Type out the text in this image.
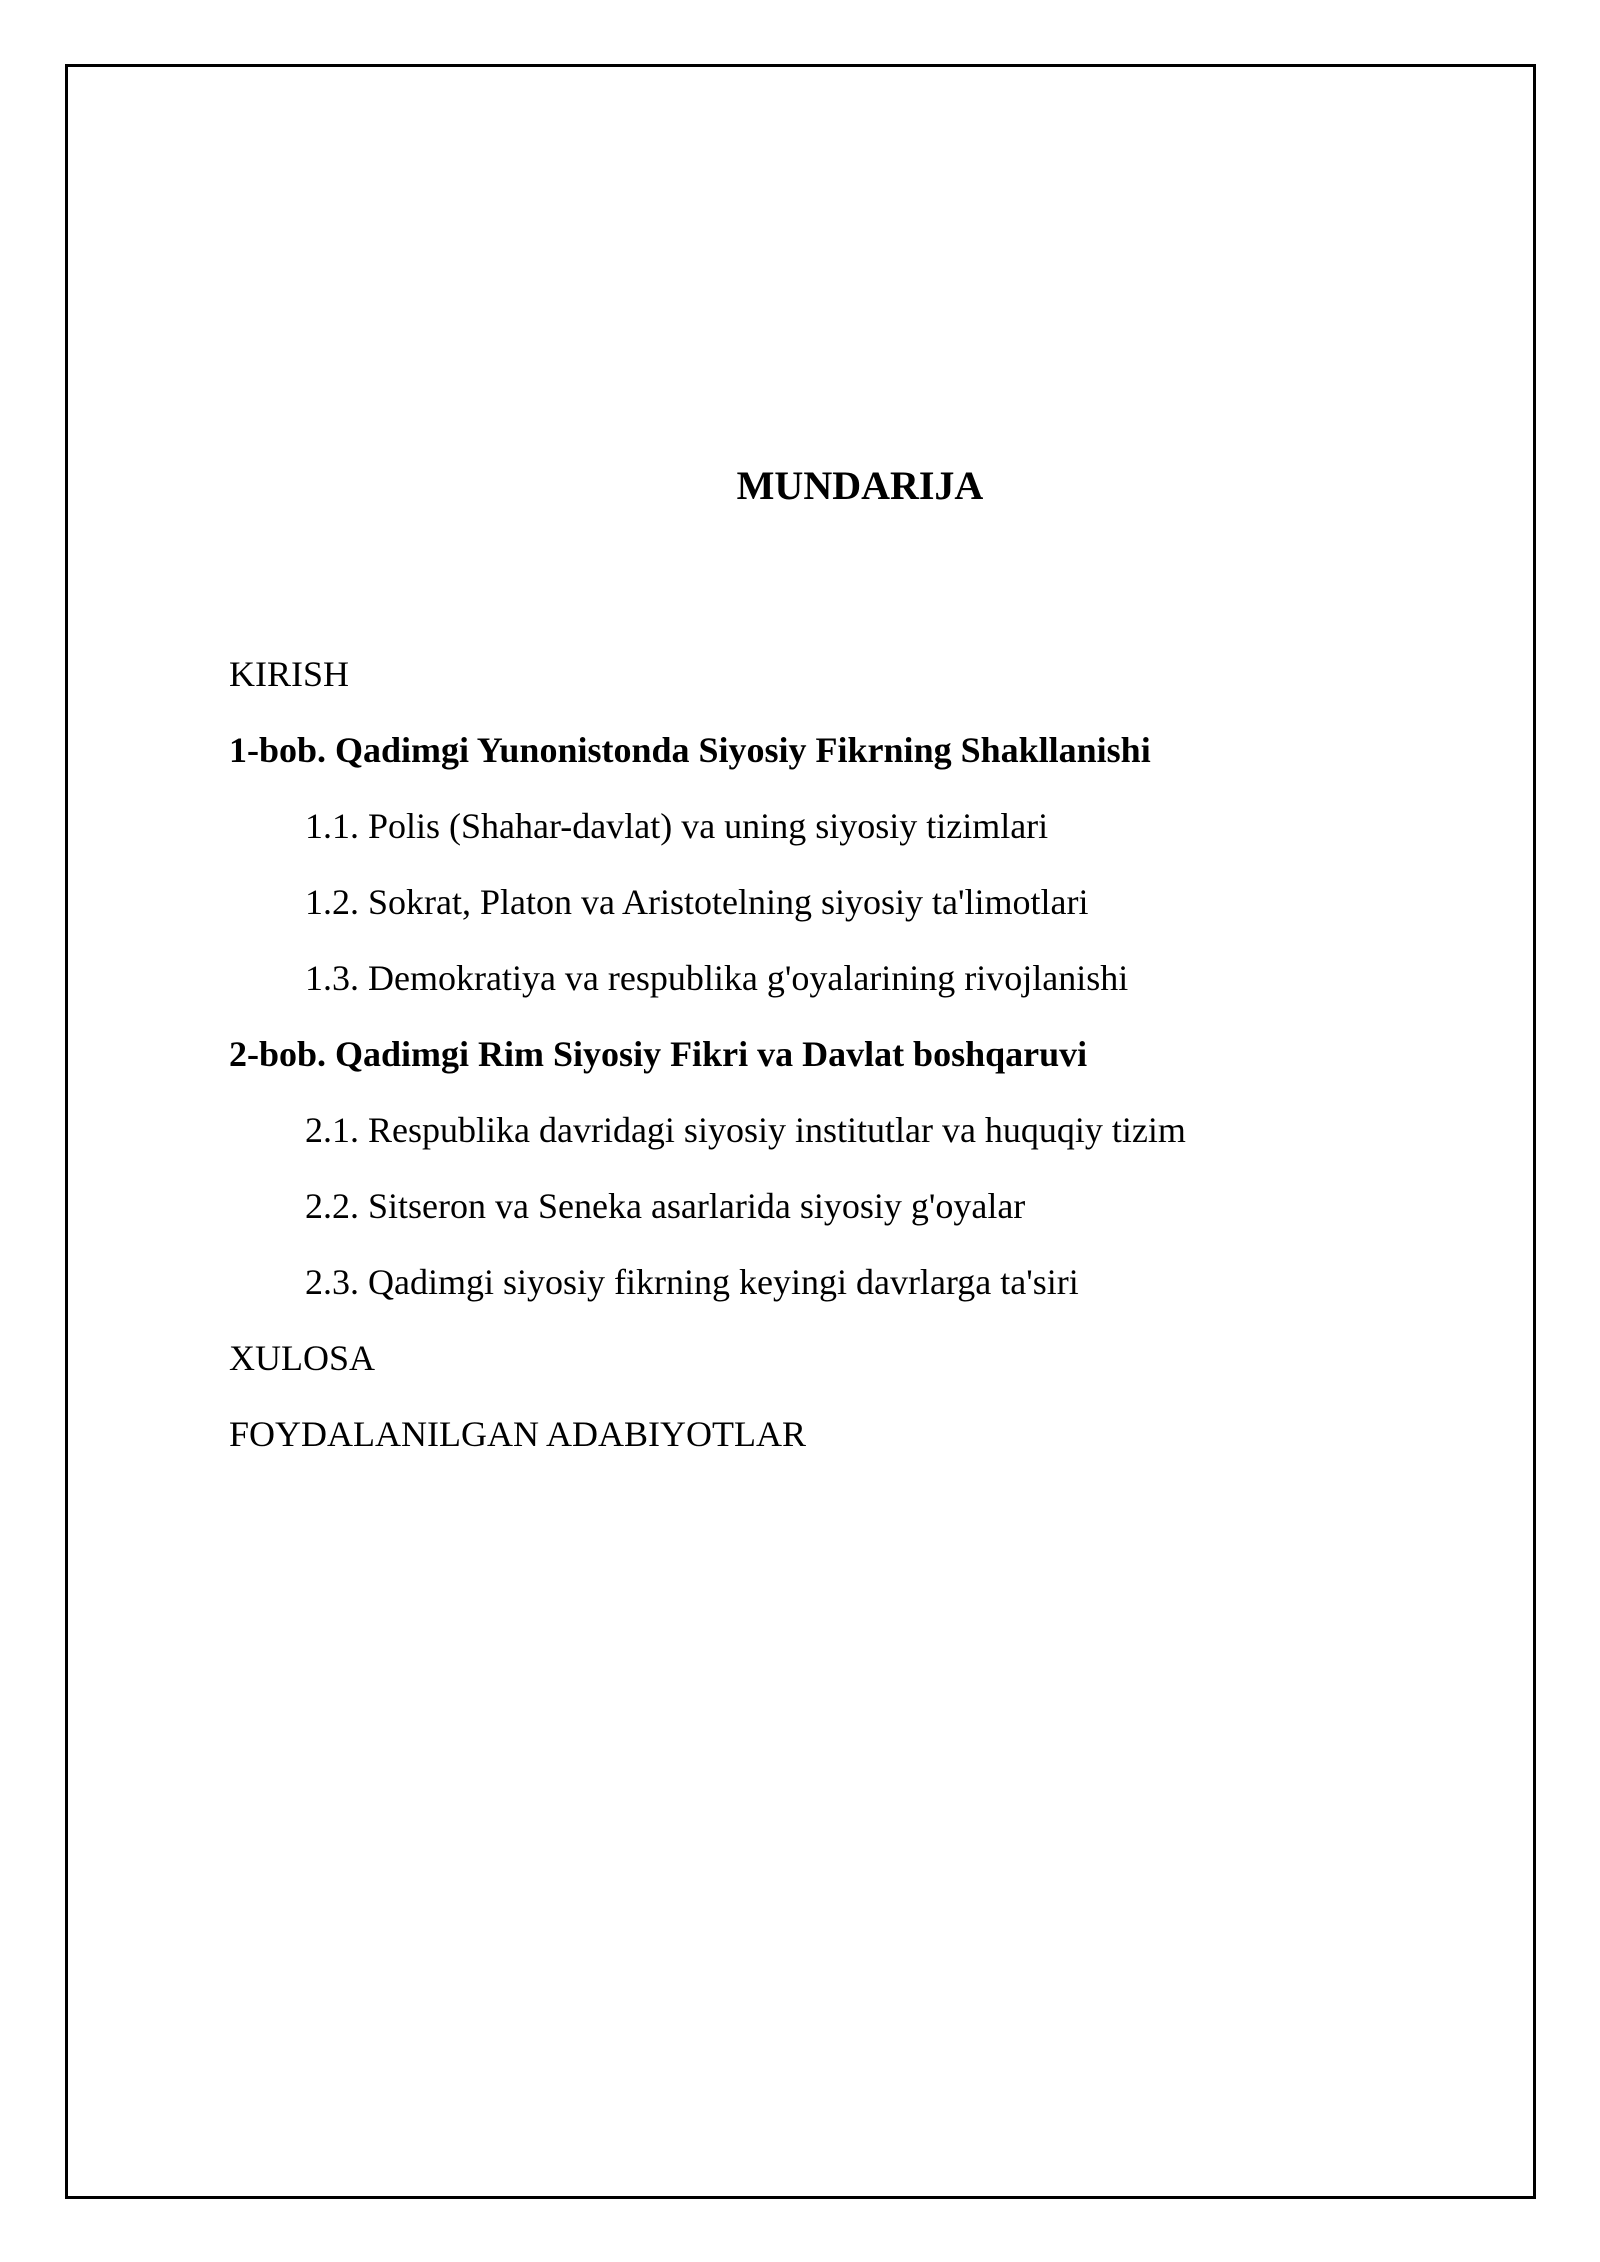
MUNDARIJA
KIRISH
1-bob. Qadimgi Yunonistonda Siyosiy Fikrning Shakllanishi
1.1. Polis (Shahar-davlat) va uning siyosiy tizimlari
1.2. Sokrat, Platon va Aristotelning siyosiy ta'limotlari
1.3. Demokratiya va respublika g'oyalarining rivojlanishi
2-bob. Qadimgi Rim Siyosiy Fikri va Davlat boshqaruvi
2.1. Respublika davridagi siyosiy institutlar va huquqiy tizim
2.2. Sitseron va Seneka asarlarida siyosiy g'oyalar
2.3. Qadimgi siyosiy fikrning keyingi davrlarga ta'siri
XULOSA
FOYDALANILGAN ADABIYOTLAR
